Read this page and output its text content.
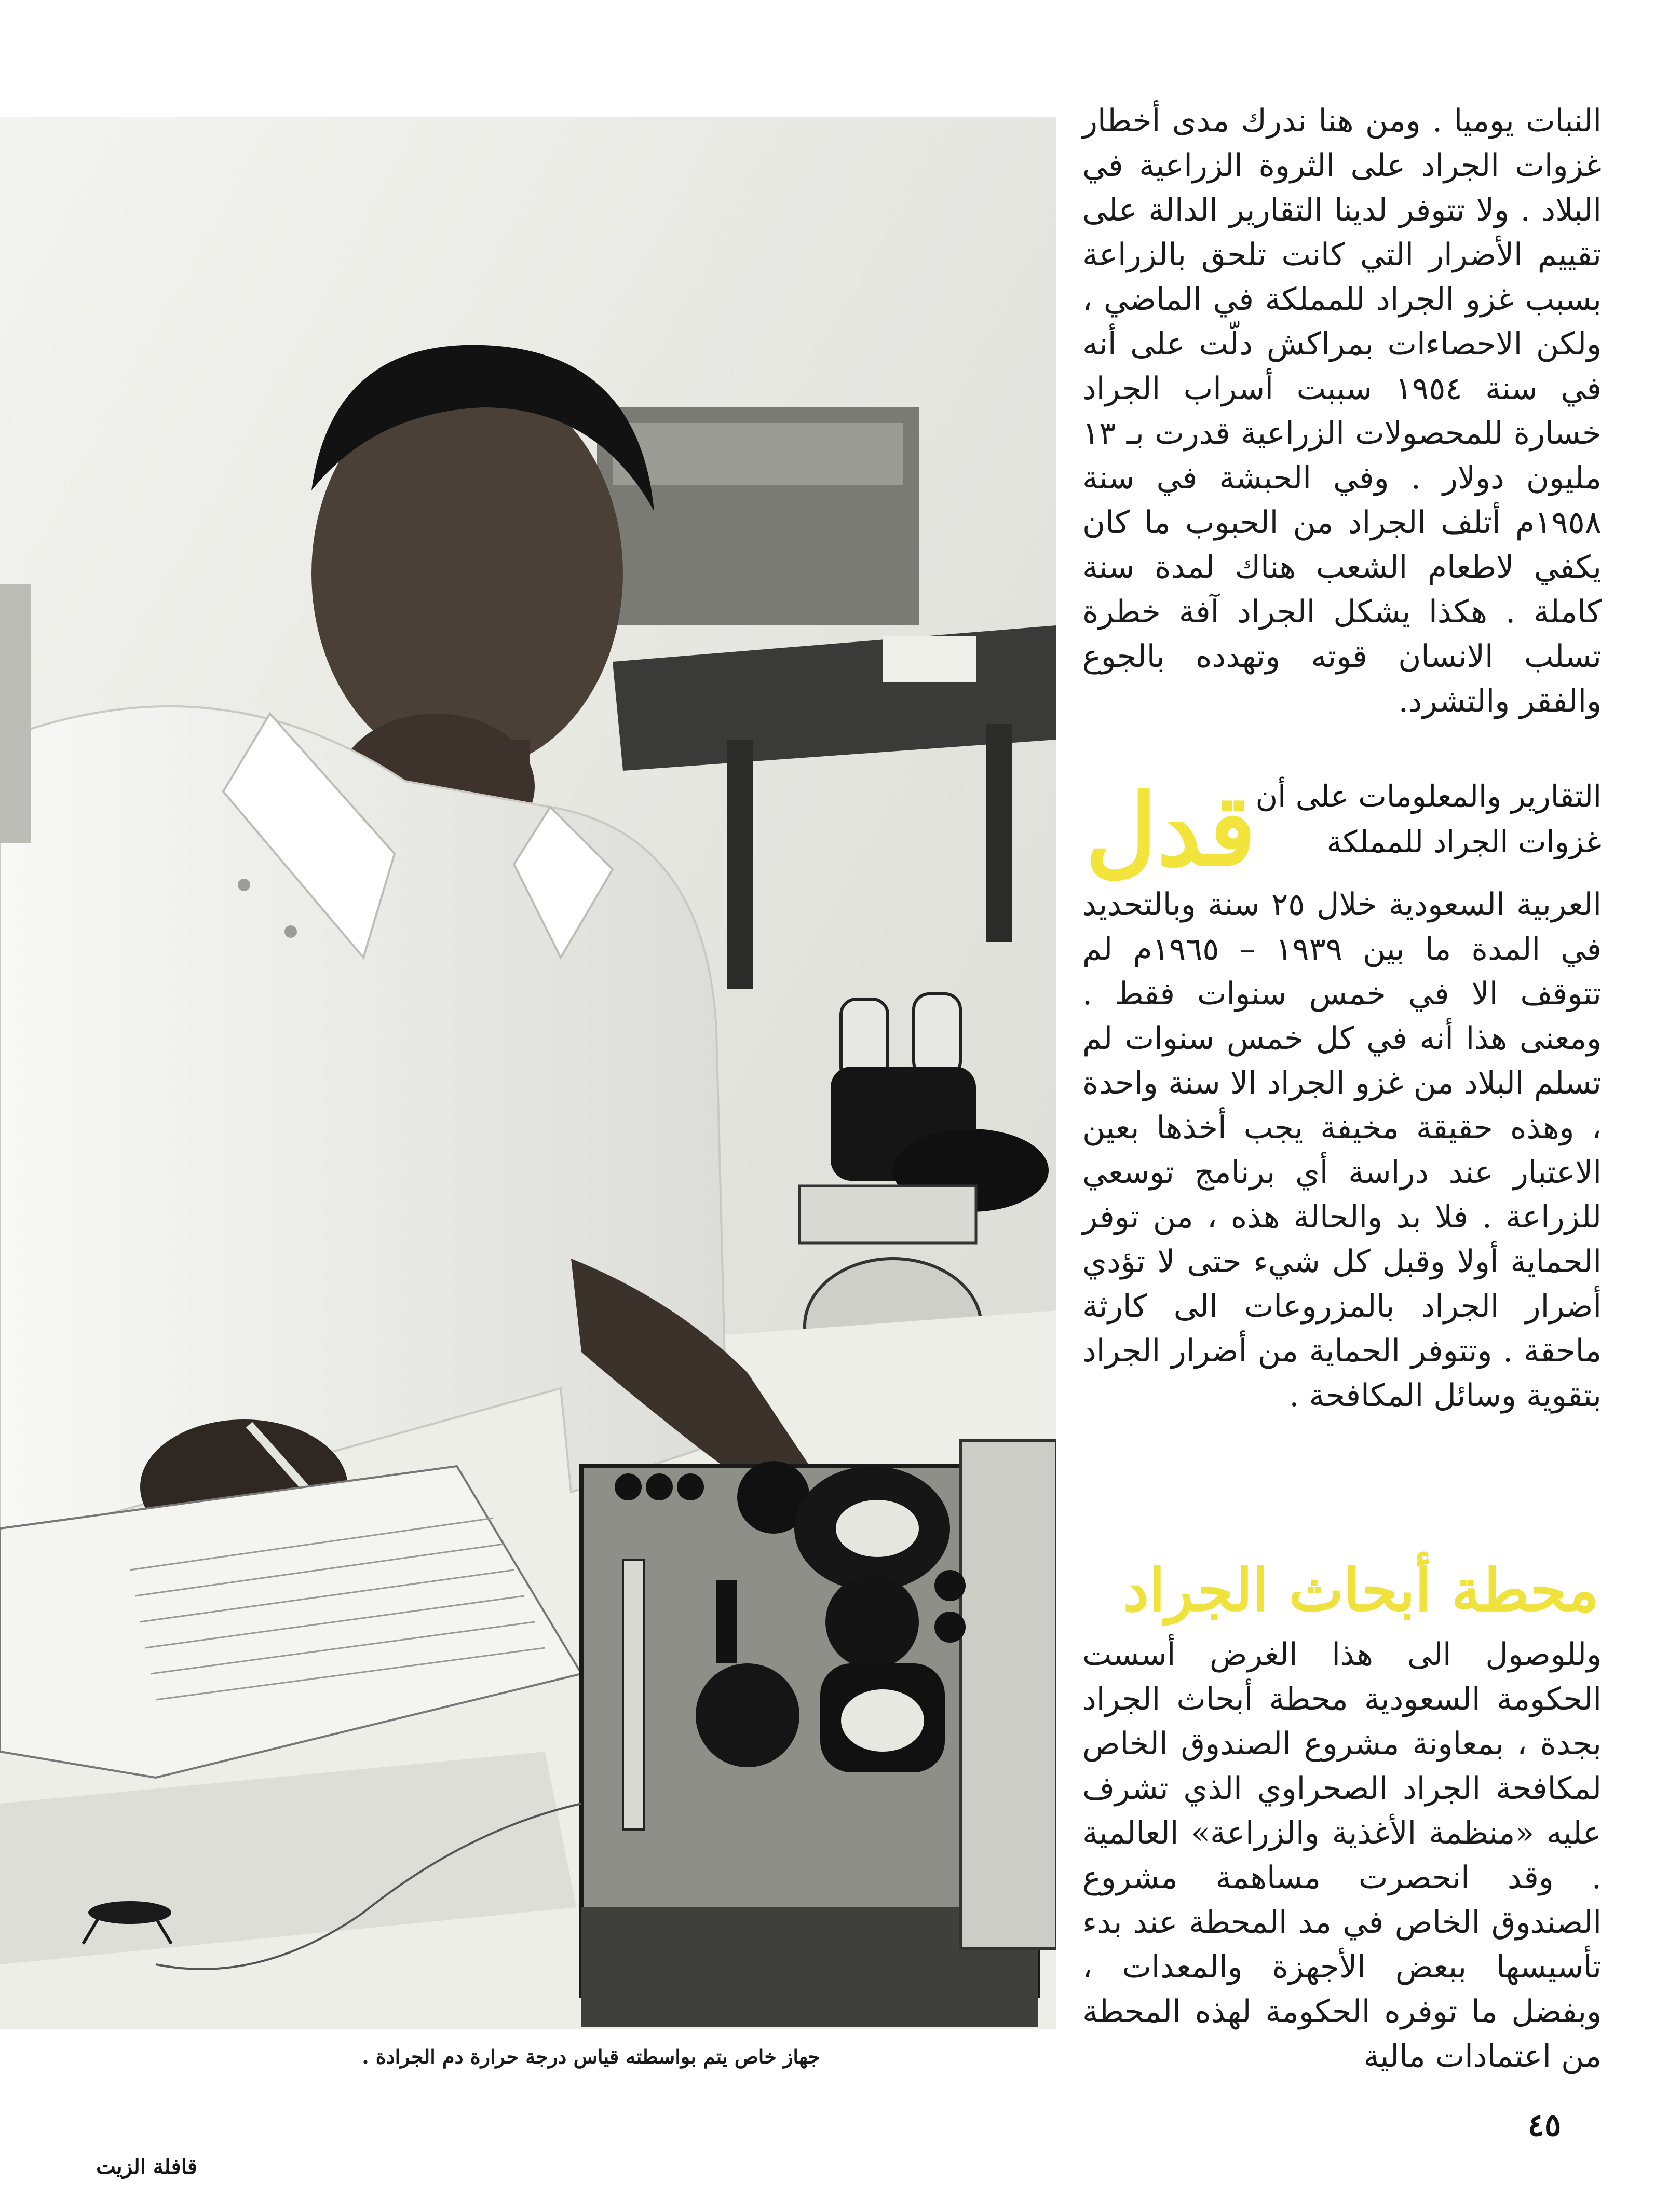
جهاز خاص يتم بواسطته قياس درجة حرارة دم الجرادة .

النبات يوميا . ومن هنا ندرك مدى أخطار غزوات الجراد على الثروة الزراعية في البلاد . ولا تتوفر لدينا التقارير الدالة على تقييم الأضرار التي كانت تلحق بالزراعة بسبب غزو الجراد للمملكة في الماضي ، ولكن الاحصاءات بمراكش دلّت على أنه في سنة ١٩٥٤ سببت أسراب الجراد خسارة للمحصولات الزراعية قدرت بـ ١٣ مليون دولار . وفي الحبشة في سنة ١٩٥٨م أتلف الجراد من الحبوب ما كان يكفي لاطعام الشعب هناك لمدة سنة كاملة . هكذا يشكل الجراد آفة خطرة تسلب الانسان قوته وتهدده بالجوع والفقر والتشرد.

التقارير والمعلومات على أن
غزوات الجراد للمملكة
قدل

العربية السعودية خلال ٢٥ سنة وبالتحديد في المدة ما بين ١٩٣٩ – ١٩٦٥م لم تتوقف الا في خمس سنوات فقط . ومعنى هذا أنه في كل خمس سنوات لم تسلم البلاد من غزو الجراد الا سنة واحدة ، وهذه حقيقة مخيفة يجب أخذها بعين الاعتبار عند دراسة أي برنامج توسعي للزراعة . فلا بد والحالة هذه ، من توفر الحماية أولا وقبل كل شيء حتى لا تؤدي أضرار الجراد بالمزروعات الى كارثة ماحقة . وتتوفر الحماية من أضرار الجراد بتقوية وسائل المكافحة .

محطة أبحاث الجراد

وللوصول الى هذا الغرض أسست الحكومة السعودية محطة أبحاث الجراد بجدة ، بمعاونة مشروع الصندوق الخاص لمكافحة الجراد الصحراوي الذي تشرف عليه «منظمة الأغذية والزراعة» العالمية . وقد انحصرت مساهمة مشروع الصندوق الخاص في مد المحطة عند بدء تأسيسها ببعض الأجهزة والمعدات ، وبفضل ما توفره الحكومة لهذه المحطة من اعتمادات مالية

٤٥
قافلة الزيت
